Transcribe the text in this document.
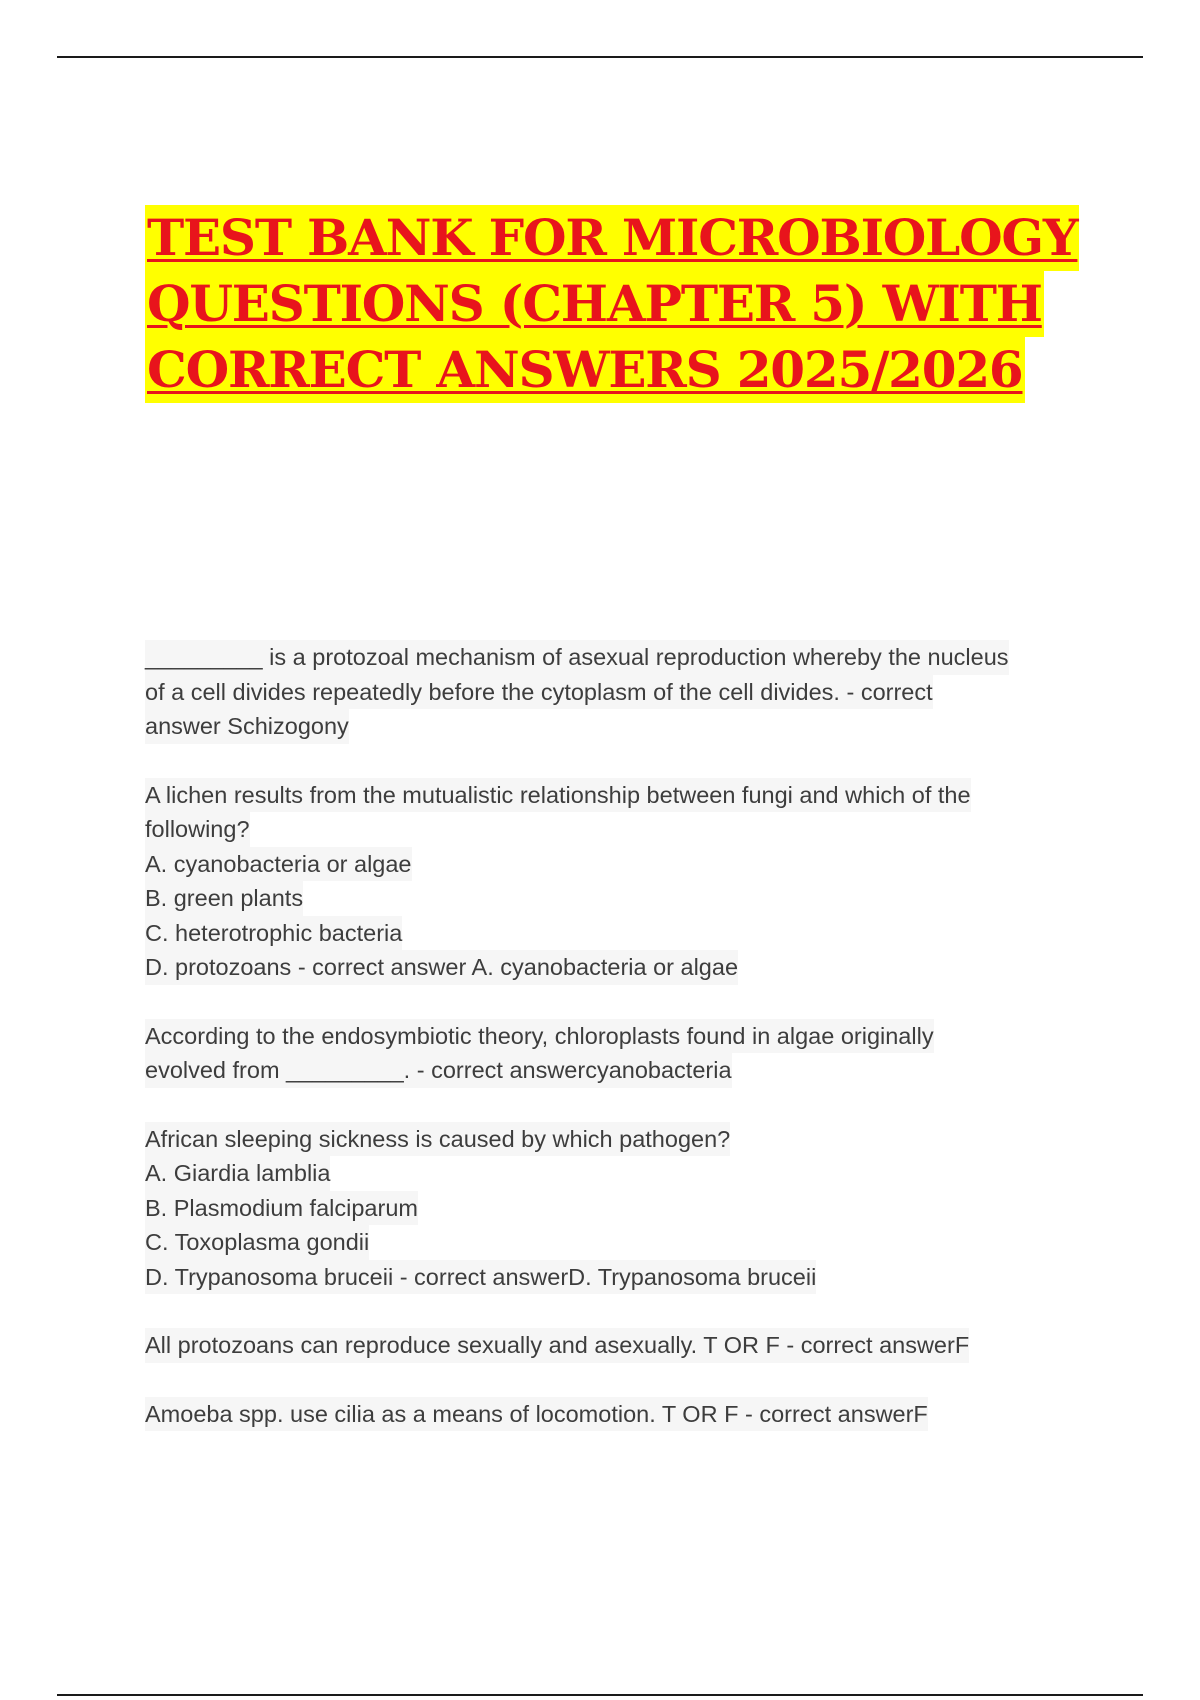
TEST BANK FOR MICROBIOLOGY
QUESTIONS (CHAPTER 5) WITH
CORRECT ANSWERS 2025/2026
_________ is a protozoal mechanism of asexual reproduction whereby the nucleus
of a cell divides repeatedly before the cytoplasm of the cell divides. - correct
answer Schizogony
A lichen results from the mutualistic relationship between fungi and which of the
following?
A. cyanobacteria or algae
B. green plants
C. heterotrophic bacteria
D. protozoans - correct answer A. cyanobacteria or algae
According to the endosymbiotic theory, chloroplasts found in algae originally
evolved from _________. - correct answercyanobacteria
African sleeping sickness is caused by which pathogen?
A. Giardia lamblia
B. Plasmodium falciparum
C. Toxoplasma gondii
D. Trypanosoma bruceii - correct answerD. Trypanosoma bruceii
All protozoans can reproduce sexually and asexually. T OR F - correct answerF
Amoeba spp. use cilia as a means of locomotion. T OR F - correct answerF
